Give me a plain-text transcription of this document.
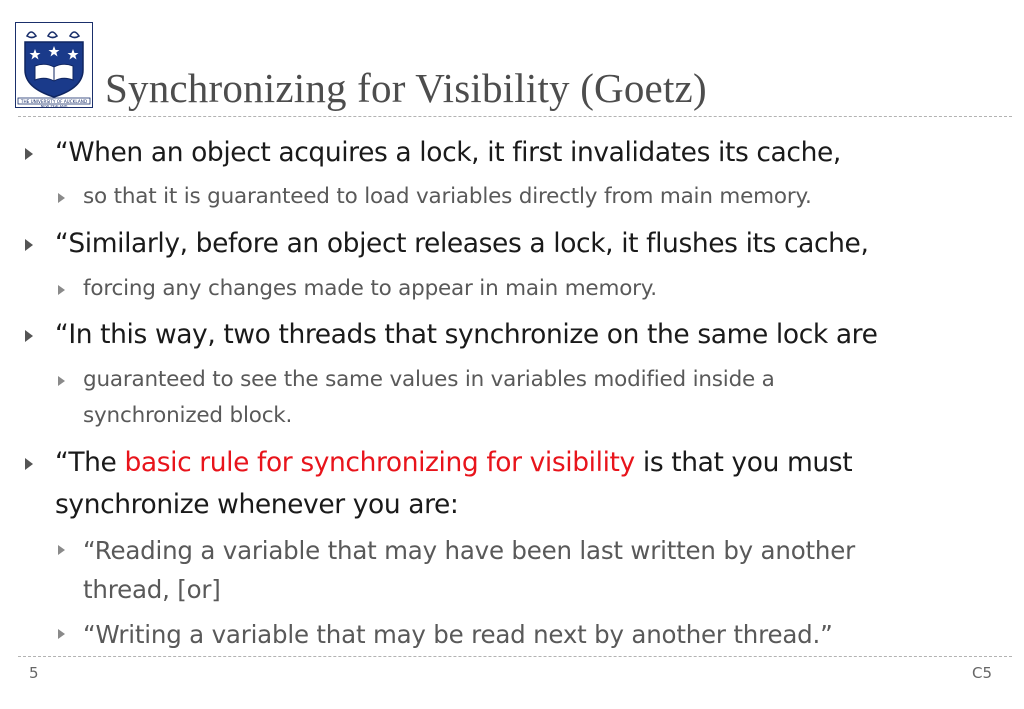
THE UNIVERSITY OF AUCKLAND
NEW ZEALAND Synchronizing for Visibility (Goetz)

“When an object acquires a lock, it first invalidates its cache,

so that it is guaranteed to load variables directly from main memory.

“Similarly, before an object releases a lock, it flushes its cache,

forcing any changes made to appear in main memory.

“In this way, two threads that synchronize on the same lock are

guaranteed to see the same values in variables modified inside a

synchronized block.

“The basic rule for synchronizing for visibility is that you must

synchronize whenever you are:

“Reading a variable that may have been last written by another

thread, [or]

“Writing a variable that may be read next by another thread.”

5	C5
